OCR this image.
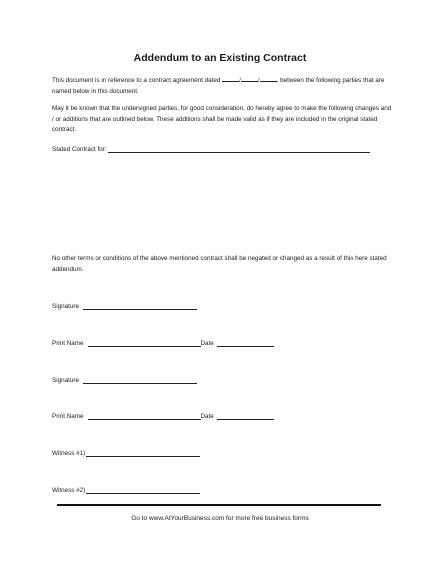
Addendum to an Existing Contract
This document is in reference to a contract agreement dated	/	/	, between the following parties that are named below in this document.
May it be known that the undersigned parties, for good consideration, do hereby agree to make the following changes and / or additions that are outlined below. These additions shall be made valid as if they are included in the original stated contract.
Stated Contract for:
No other terms or conditions of the above mentioned contract shall be negated or changed as a result of this here stated addendum.
Signature
Print Name	Date
Signature
Print Name	Date
Witness #1)
Witness #2)
Go to www.AtYourBusiness.com for more free business forms
